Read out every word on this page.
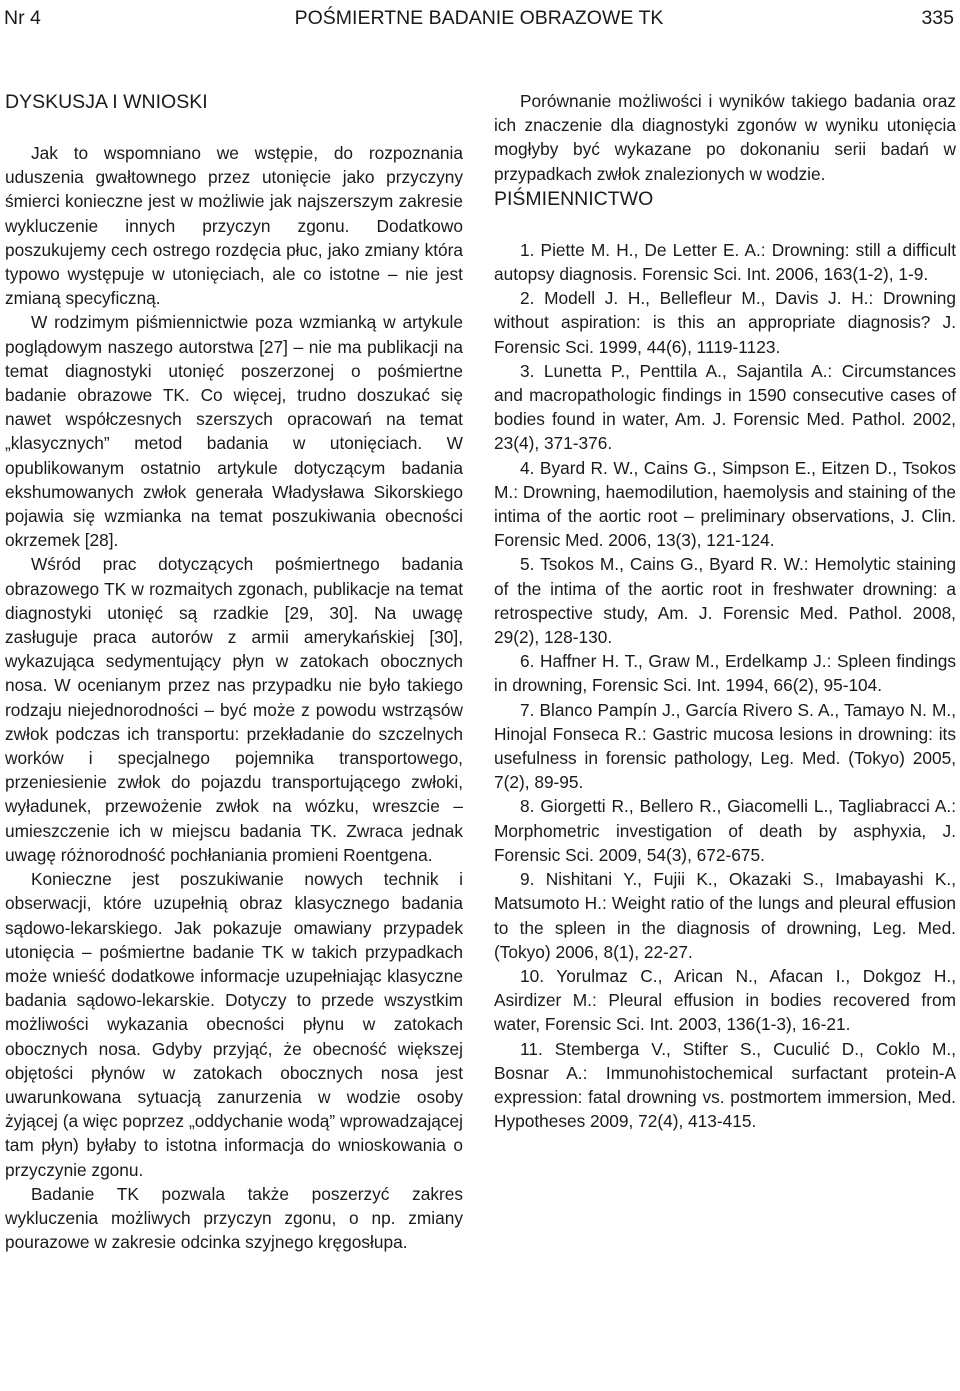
POŚMIERTNE BADANIE OBRAZOWE TK
Nr 4	335
DYSKUSJA I WNIOSKI

Jak to wspomniano we wstępie, do rozpoznania uduszenia gwałtownego przez utonięcie jako przyczyny śmierci konieczne jest w możliwie jak najszerszym zakresie wykluczenie innych przyczyn zgonu. Dodatkowo poszukujemy cech ostrego rozdęcia płuc, jako zmiany która typowo występuje w utonięciach, ale co istotne – nie jest zmianą specyficzną.

W rodzimym piśmiennictwie poza wzmianką w artykule poglądowym naszego autorstwa [27] – nie ma publikacji na temat diagnostyki utonięć poszerzonej o pośmiertne badanie obrazowe TK. Co więcej, trudno doszukać się nawet współczesnych szerszych opracowań na temat „klasycznych” metod badania w utonięciach. W opublikowanym ostatnio artykule dotyczącym badania ekshumowanych zwłok generała Władysława Sikorskiego pojawia się wzmianka na temat poszukiwania obecności okrzemek [28].

Wśród prac dotyczących pośmiertnego badania obrazowego TK w rozmaitych zgonach, publikacje na temat diagnostyki utonięć są rzadkie [29, 30]. Na uwagę zasługuje praca autorów z armii amerykańskiej [30], wykazująca sedymentujący płyn w zatokach obocznych nosa. W ocenianym przez nas przypadku nie było takiego rodzaju niejednorodności – być może z powodu wstrząsów zwłok podczas ich transportu: przekładanie do szczelnych worków i specjalnego pojemnika transportowego, przeniesienie zwłok do pojazdu transportującego zwłoki, wyładunek, przewożenie zwłok na wózku, wreszcie – umieszczenie ich w miejscu badania TK. Zwraca jednak uwagę różnorodność pochłaniania promieni Roentgena.

Konieczne jest poszukiwanie nowych technik i obserwacji, które uzupełnią obraz klasycznego badania sądowo-lekarskiego. Jak pokazuje omawiany przypadek utonięcia – pośmiertne badanie TK w takich przypadkach może wnieść dodatkowe informacje uzupełniając klasyczne badania sądowo-lekarskie. Dotyczy to przede wszystkim możliwości wykazania obecności płynu w zatokach obocznych nosa. Gdyby przyjąć, że obecność większej objętości płynów w zatokach obocznych nosa jest uwarunkowana sytuacją zanurzenia w wodzie osoby żyjącej (a więc poprzez „oddychanie wodą” wprowadzającej tam płyn) byłaby to istotna informacja do wnioskowania o przyczynie zgonu.

Badanie TK pozwala także poszerzyć zakres wykluczenia możliwych przyczyn zgonu, o np. zmiany pourazowe w zakresie odcinka szyjnego kręgosłupa.

Porównanie możliwości i wyników takiego badania oraz ich znaczenie dla diagnostyki zgonów w wyniku utonięcia mogłyby być wykazane po dokonaniu serii badań w przypadkach zwłok znalezionych w wodzie.

PIŚMIENNICTWO
1. Piette M. H., De Letter E. A.: Drowning: still a difficult autopsy diagnosis. Forensic Sci. Int. 2006, 163(1-2), 1-9.
2. Modell J. H., Bellefleur M., Davis J. H.: Drowning without aspiration: is this an appropriate diagnosis? J. Forensic Sci. 1999, 44(6), 1119-1123.
3. Lunetta P., Penttila A., Sajantila A.: Circumstances and macropathologic findings in 1590 consecutive cases of bodies found in water, Am. J. Forensic Med. Pathol. 2002, 23(4), 371-376.
4. Byard R. W., Cains G., Simpson E., Eitzen D., Tsokos M.: Drowning, haemodilution, haemolysis and staining of the intima of the aortic root – preliminary observations, J. Clin. Forensic Med. 2006, 13(3), 121-124.
5. Tsokos M., Cains G., Byard R. W.: Hemolytic staining of the intima of the aortic root in freshwater drowning: a retrospective study, Am. J. Forensic Med. Pathol. 2008, 29(2), 128-130.
6. Haffner H. T., Graw M., Erdelkamp J.: Spleen findings in drowning, Forensic Sci. Int. 1994, 66(2), 95-104.
7. Blanco Pampín J., García Rivero S. A., Tamayo N. M., Hinojal Fonseca R.: Gastric mucosa lesions in drowning: its usefulness in forensic pathology, Leg. Med. (Tokyo) 2005, 7(2), 89-95.
8. Giorgetti R., Bellero R., Giacomelli L., Tagliabracci A.: Morphometric investigation of death by asphyxia, J. Forensic Sci. 2009, 54(3), 672-675.
9. Nishitani Y., Fujii K., Okazaki S., Imabayashi K., Matsumoto H.: Weight ratio of the lungs and pleural effusion to the spleen in the diagnosis of drowning, Leg. Med. (Tokyo) 2006, 8(1), 22-27.
10. Yorulmaz C., Arican N., Afacan I., Dokgoz H., Asirdizer M.: Pleural effusion in bodies recovered from water, Forensic Sci. Int. 2003, 136(1-3), 16-21.
11. Stemberga V., Stifter S., Cuculić D., Coklo M., Bosnar A.: Immunohistochemical surfactant protein-A expression: fatal drowning vs. postmortem immersion, Med. Hypotheses 2009, 72(4), 413-415.
